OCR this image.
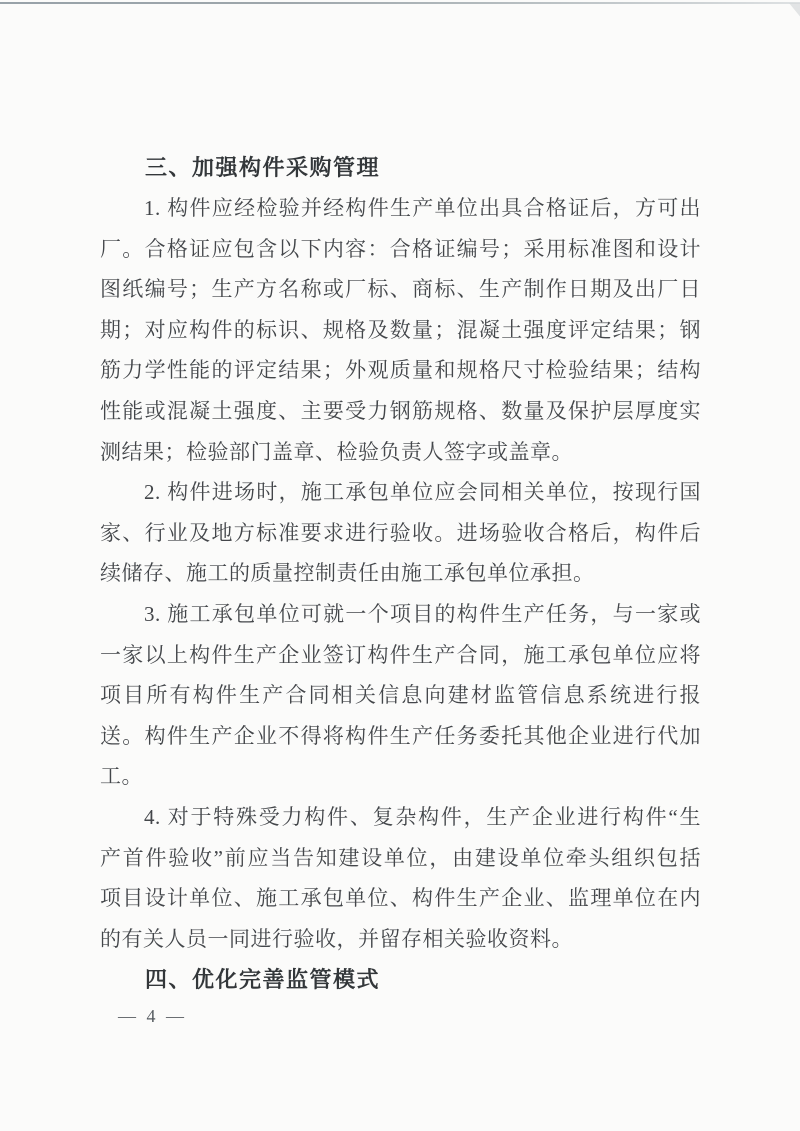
三、加强构件采购管理
1. 构件应经检验并经构件生产单位出具合格证后，方可出
厂。合格证应包含以下内容：合格证编号；采用标准图和设计
图纸编号；生产方名称或厂标、商标、生产制作日期及出厂日
期；对应构件的标识、规格及数量；混凝土强度评定结果；钢
筋力学性能的评定结果；外观质量和规格尺寸检验结果；结构
性能或混凝土强度、主要受力钢筋规格、数量及保护层厚度实
测结果；检验部门盖章、检验负责人签字或盖章。
2. 构件进场时，施工承包单位应会同相关单位，按现行国
家、行业及地方标准要求进行验收。进场验收合格后，构件后
续储存、施工的质量控制责任由施工承包单位承担。
3. 施工承包单位可就一个项目的构件生产任务，与一家或
一家以上构件生产企业签订构件生产合同，施工承包单位应将
项目所有构件生产合同相关信息向建材监管信息系统进行报
送。构件生产企业不得将构件生产任务委托其他企业进行代加
工。
4. 对于特殊受力构件、复杂构件，生产企业进行构件“生
产首件验收”前应当告知建设单位，由建设单位牵头组织包括
项目设计单位、施工承包单位、构件生产企业、监理单位在内
的有关人员一同进行验收，并留存相关验收资料。
四、优化完善监管模式
— 4 —
